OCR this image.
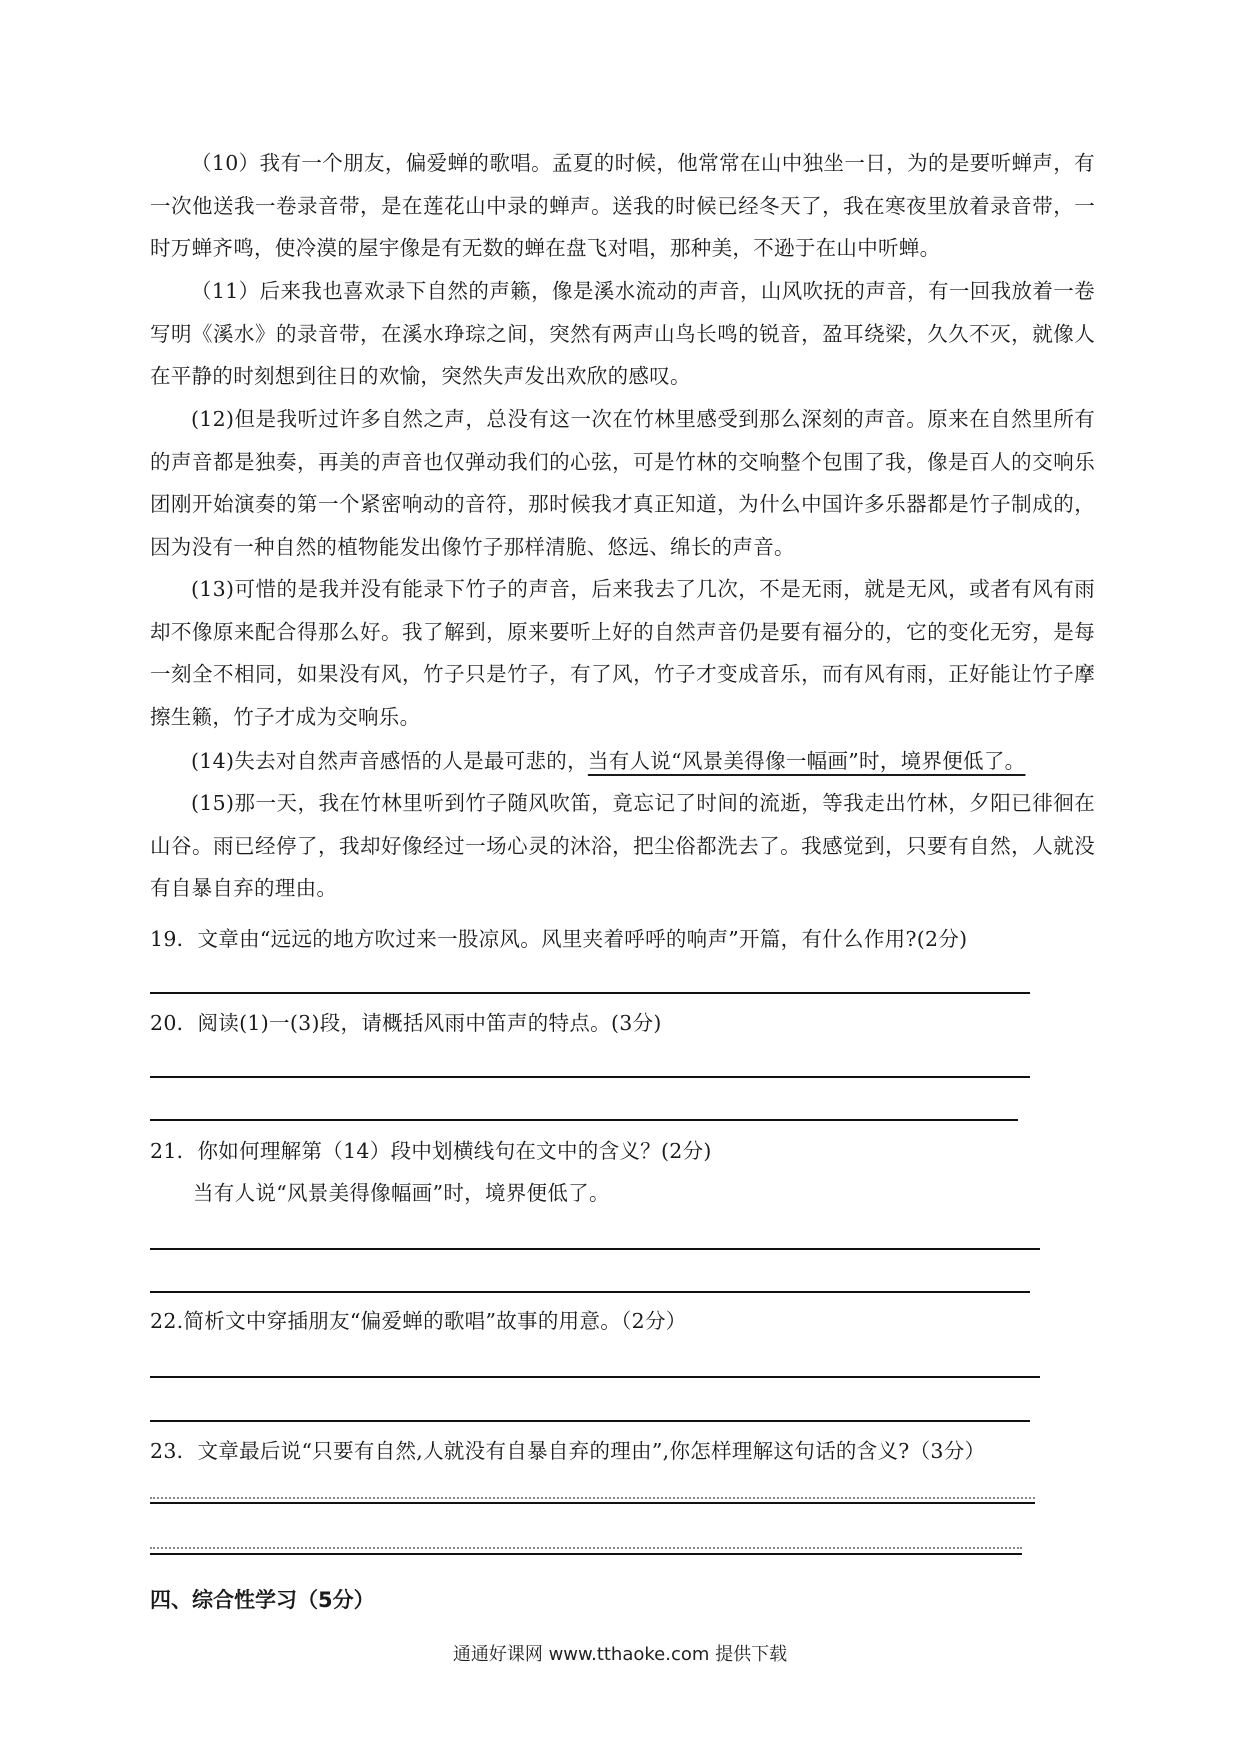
（10）我有一个朋友，偏爱蝉的歌唱。孟夏的时候，他常常在山中独坐一日，为的是要听蝉声，有一次他送我一卷录音带，是在莲花山中录的蝉声。送我的时候已经冬天了，我在寒夜里放着录音带，一时万蝉齐鸣，使冷漠的屋宇像是有无数的蝉在盘飞对唱，那种美，不逊于在山中听蝉。

（11）后来我也喜欢录下自然的声籁，像是溪水流动的声音，山风吹抚的声音，有一回我放着一卷写明《溪水》的录音带，在溪水琤琮之间，突然有两声山鸟长鸣的锐音，盈耳绕梁，久久不灭，就像人在平静的时刻想到往日的欢愉，突然失声发出欢欣的感叹。

(12)但是我听过许多自然之声，总没有这一次在竹林里感受到那么深刻的声音。原来在自然里所有的声音都是独奏，再美的声音也仅弹动我们的心弦，可是竹林的交响整个包围了我，像是百人的交响乐团刚开始演奏的第一个紧密响动的音符，那时候我才真正知道，为什么中国许多乐器都是竹子制成的，因为没有一种自然的植物能发出像竹子那样清脆、悠远、绵长的声音。

(13)可惜的是我并没有能录下竹子的声音，后来我去了几次，不是无雨，就是无风，或者有风有雨却不像原来配合得那么好。我了解到，原来要听上好的自然声音仍是要有福分的，它的变化无穷，是每一刻全不相同，如果没有风，竹子只是竹子，有了风，竹子才变成音乐，而有风有雨，正好能让竹子摩擦生籁，竹子才成为交响乐。

(14)失去对自然声音感悟的人是最可悲的，当有人说“风景美得像一幅画”时，境界便低了。

(15)那一天，我在竹林里听到竹子随风吹笛，竟忘记了时间的流逝，等我走出竹林，夕阳已徘徊在山谷。雨已经停了，我却好像经过一场心灵的沐浴，把尘俗都洗去了。我感觉到，只要有自然，人就没有自暴自弃的理由。

19．文章由“远远的地方吹过来一股凉风。风里夹着呼呼的响声”开篇，有什么作用?(2分)

20．阅读(1)一(3)段，请概括风雨中笛声的特点。(3分)

21．你如何理解第（14）段中划横线句在文中的含义？(2分)

当有人说“风景美得像幅画”时，境界便低了。

22.简析文中穿插朋友“偏爱蝉的歌唱”故事的用意。（2分）

23．文章最后说“只要有自然,人就没有自暴自弃的理由”,你怎样理解这句话的含义?（3分）

四、综合性学习（5分）

通通好课网 www.tthaoke.com 提供下载
